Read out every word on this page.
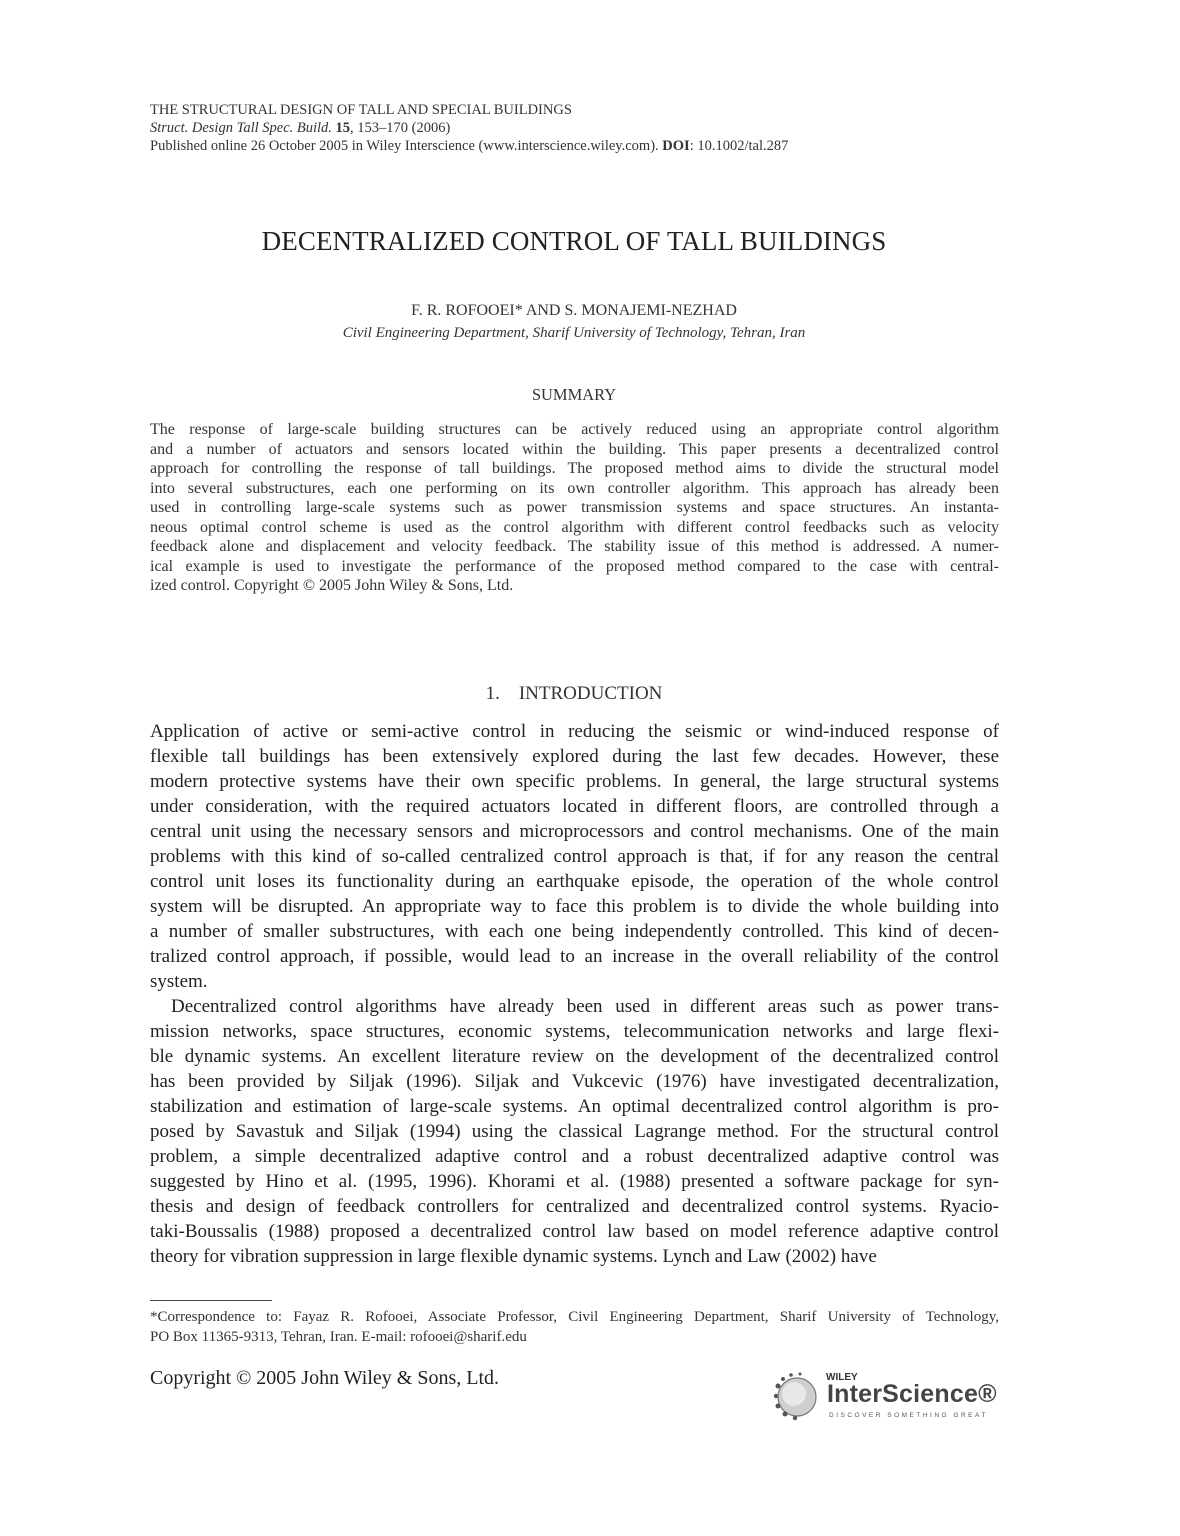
THE STRUCTURAL DESIGN OF TALL AND SPECIAL BUILDINGS
Struct. Design Tall Spec. Build. 15, 153–170 (2006)
Published online 26 October 2005 in Wiley Interscience (www.interscience.wiley.com). DOI: 10.1002/tal.287
DECENTRALIZED CONTROL OF TALL BUILDINGS
F. R. ROFOOEI* AND S. MONAJEMI-NEZHAD
Civil Engineering Department, Sharif University of Technology, Tehran, Iran
SUMMARY
The response of large-scale building structures can be actively reduced using an appropriate control algorithm
and a number of actuators and sensors located within the building. This paper presents a decentralized control
approach for controlling the response of tall buildings. The proposed method aims to divide the structural model
into several substructures, each one performing on its own controller algorithm. This approach has already been
used in controlling large-scale systems such as power transmission systems and space structures. An instanta-
neous optimal control scheme is used as the control algorithm with different control feedbacks such as velocity
feedback alone and displacement and velocity feedback. The stability issue of this method is addressed. A numer-
ical example is used to investigate the performance of the proposed method compared to the case with central-
ized control. Copyright © 2005 John Wiley & Sons, Ltd.
1. INTRODUCTION
Application of active or semi-active control in reducing the seismic or wind-induced response of
flexible tall buildings has been extensively explored during the last few decades. However, these
modern protective systems have their own specific problems. In general, the large structural systems
under consideration, with the required actuators located in different floors, are controlled through a
central unit using the necessary sensors and microprocessors and control mechanisms. One of the main
problems with this kind of so-called centralized control approach is that, if for any reason the central
control unit loses its functionality during an earthquake episode, the operation of the whole control
system will be disrupted. An appropriate way to face this problem is to divide the whole building into
a number of smaller substructures, with each one being independently controlled. This kind of decen-
tralized control approach, if possible, would lead to an increase in the overall reliability of the control
system.
Decentralized control algorithms have already been used in different areas such as power trans-
mission networks, space structures, economic systems, telecommunication networks and large flexi-
ble dynamic systems. An excellent literature review on the development of the decentralized control
has been provided by Siljak (1996). Siljak and Vukcevic (1976) have investigated decentralization,
stabilization and estimation of large-scale systems. An optimal decentralized control algorithm is pro-
posed by Savastuk and Siljak (1994) using the classical Lagrange method. For the structural control
problem, a simple decentralized adaptive control and a robust decentralized adaptive control was
suggested by Hino et al. (1995, 1996). Khorami et al. (1988) presented a software package for syn-
thesis and design of feedback controllers for centralized and decentralized control systems. Ryacio-
taki-Boussalis (1988) proposed a decentralized control law based on model reference adaptive control
theory for vibration suppression in large flexible dynamic systems. Lynch and Law (2002) have
*Correspondence to: Fayaz R. Rofooei, Associate Professor, Civil Engineering Department, Sharif University of Technology,
PO Box 11365-9313, Tehran, Iran. E-mail: rofooei@sharif.edu
Copyright © 2005 John Wiley & Sons, Ltd.	WILEY
InterScience®
DISCOVER SOMETHING GREAT
